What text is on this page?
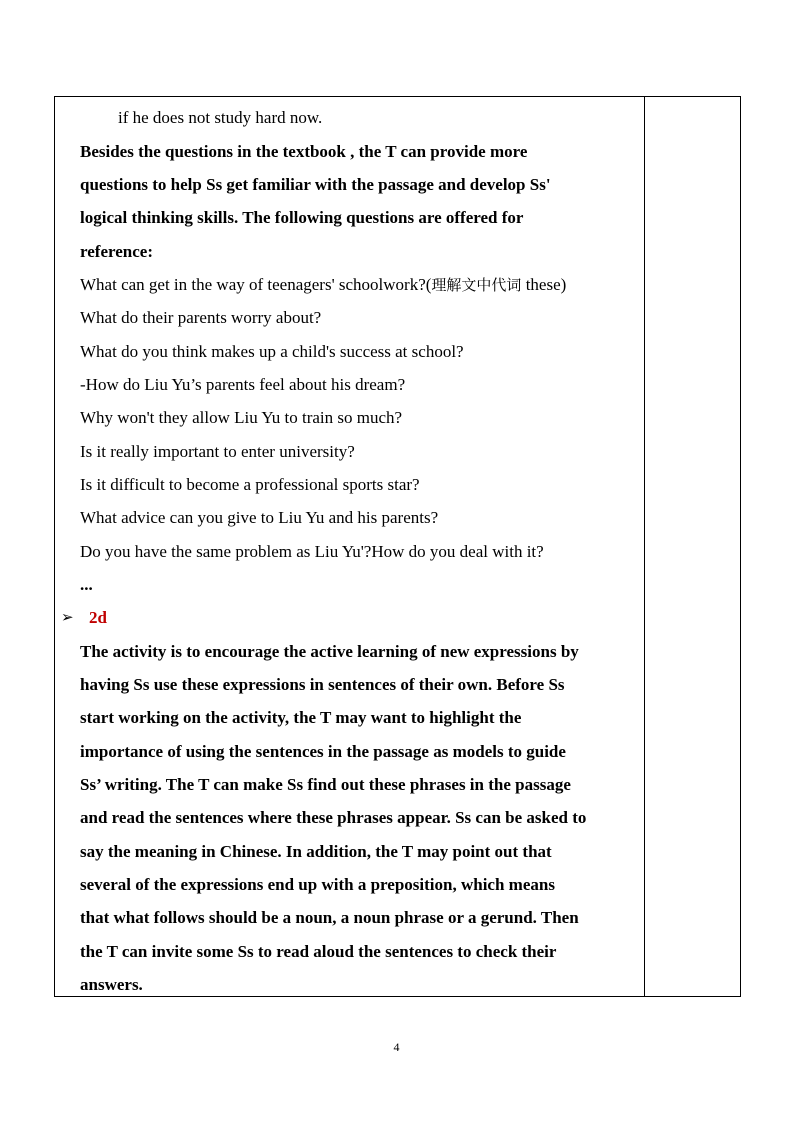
if he does not study hard now.
Besides the questions in the textbook , the T can provide more
questions to help Ss get familiar with the passage and develop Ss'
logical thinking skills. The following questions are offered for
reference:
What can get in the way of teenagers' schoolwork?(理解文中代词 these)
What do their parents worry about?
What do you think makes up a child's success at school?
-How do Liu Yu’s parents feel about his dream?
Why won't they allow Liu Yu to train so much?
Is it really important to enter university?
Is it difficult to become a professional sports star?
What advice can you give to Liu Yu and his parents?
Do you have the same problem as Liu Yu'?How do you deal with it?
...
➢ 2d
The activity is to encourage the active learning of new expressions by
having Ss use these expressions in sentences of their own. Before Ss
start working on the activity, the T may want to highlight the
importance of using the sentences in the passage as models to guide
Ss’ writing. The T can make Ss find out these phrases in the passage
and read the sentences where these phrases appear. Ss can be asked to
say the meaning in Chinese. In addition, the T may point out that
several of the expressions end up with a preposition, which means
that what follows should be a noun, a noun phrase or a gerund. Then
the T can invite some Ss to read aloud the sentences to check their
answers.
4
